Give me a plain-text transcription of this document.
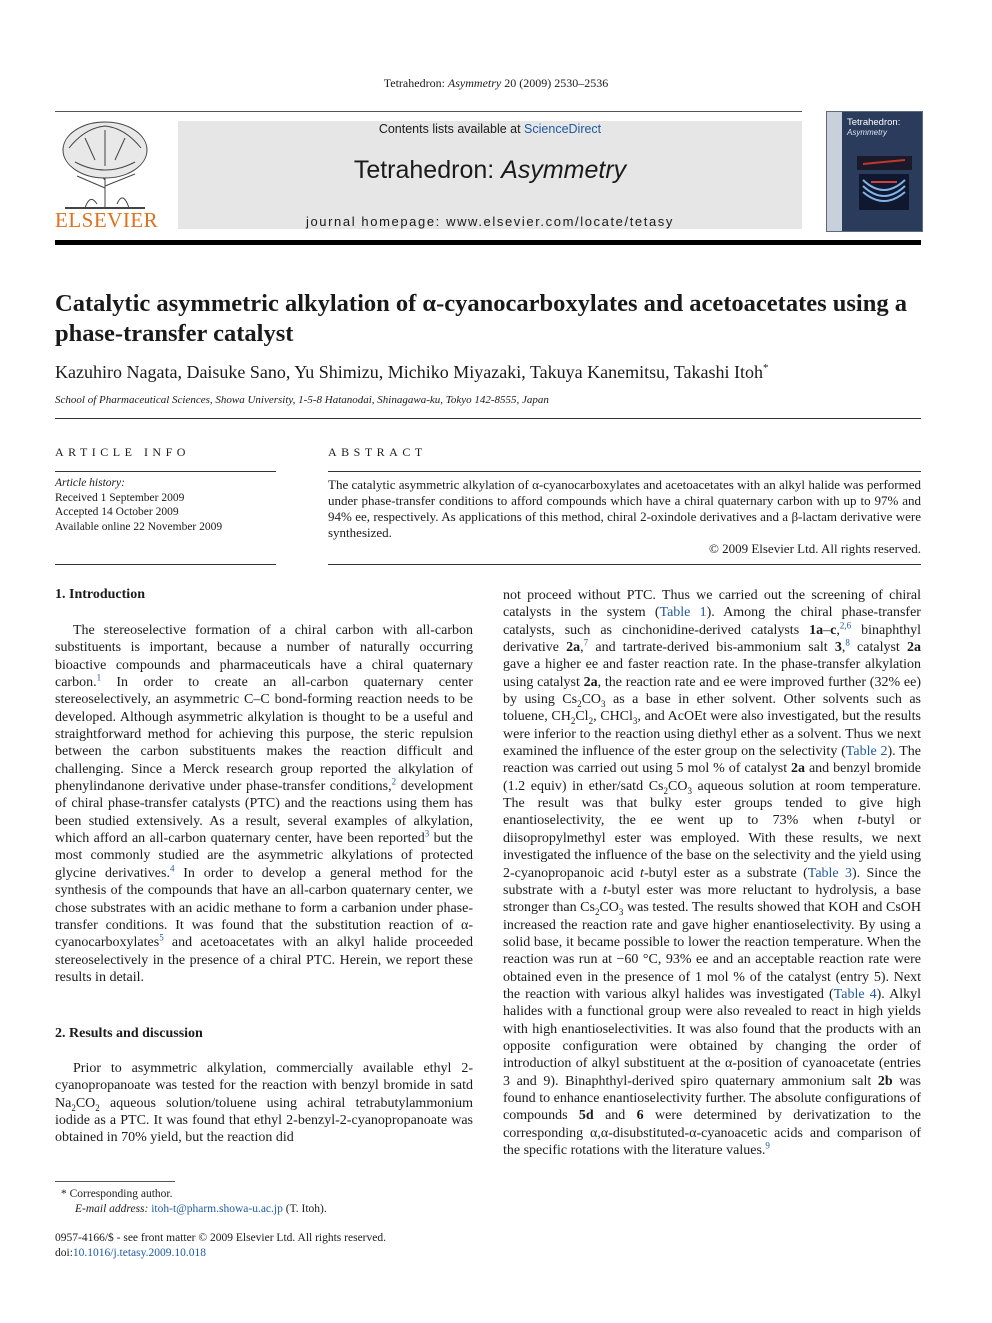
Tetrahedron: Asymmetry 20 (2009) 2530–2536
ELSEVIER
Contents lists available at ScienceDirect
Tetrahedron: Asymmetry
journal homepage: www.elsevier.com/locate/tetasy
Tetrahedron:
Asymmetry
Catalytic asymmetric alkylation of α-cyanocarboxylates and acetoacetates using a phase-transfer catalyst
Kazuhiro Nagata, Daisuke Sano, Yu Shimizu, Michiko Miyazaki, Takuya Kanemitsu, Takashi Itoh*
School of Pharmaceutical Sciences, Showa University, 1-5-8 Hatanodai, Shinagawa-ku, Tokyo 142-8555, Japan
ARTICLE INFO
Article history:
Received 1 September 2009
Accepted 14 October 2009
Available online 22 November 2009
ABSTRACT
The catalytic asymmetric alkylation of α-cyanocarboxylates and acetoacetates with an alkyl halide was performed under phase-transfer conditions to afford compounds which have a chiral quaternary carbon with up to 97% and 94% ee, respectively. As applications of this method, chiral 2-oxindole derivatives and a β-lactam derivative were synthesized.
© 2009 Elsevier Ltd. All rights reserved.
1. Introduction

The stereoselective formation of a chiral carbon with all-carbon substituents is important, because a number of naturally occurring bioactive compounds and pharmaceuticals have a chiral quaternary carbon.$^1$ In order to create an all-carbon quaternary center stereoselectively, an asymmetric C–C bond-forming reaction needs to be developed. Although asymmetric alkylation is thought to be a useful and straightforward method for achieving this purpose, the steric repulsion between the carbon substituents makes the reaction difficult and challenging. Since a Merck research group reported the alkylation of phenylindanone derivative under phase-transfer conditions,$^2$ development of chiral phase-transfer catalysts (PTC) and the reactions using them has been studied extensively. As a result, several examples of alkylation, which afford an all-carbon quaternary center, have been reported$^3$ but the most commonly studied are the asymmetric alkylations of protected glycine derivatives.$^4$ In order to develop a general method for the synthesis of the compounds that have an all-carbon quaternary center, we chose substrates with an acidic methane to form a carbanion under phase-transfer conditions. It was found that the substitution reaction of α-cyanocarboxylates$^5$ and acetoacetates with an alkyl halide proceeded stereoselectively in the presence of a chiral PTC. Herein, we report these results in detail.

2. Results and discussion

Prior to asymmetric alkylation, commercially available ethyl 2-cyanopropanoate was tested for the reaction with benzyl bromide in satd $Na_2CO_2$ aqueous solution/toluene using achiral tetrabutylammonium iodide as a PTC. It was found that ethyl 2-benzyl-2-cyanopropanoate was obtained in 70% yield, but the reaction did

* Corresponding author.
E-mail address: itoh-t@pharm.showa-u.ac.jp (T. Itoh).
0957-4166/$ - see front matter © 2009 Elsevier Ltd. All rights reserved.
doi:10.1016/j.tetasy.2009.10.018

not proceed without PTC. Thus we carried out the screening of chiral catalysts in the system (Table 1). Among the chiral phase-transfer catalysts, such as cinchonidine-derived catalysts 1a–c,$^{2,6}$ binaphthyl derivative 2a,$^7$ and tartrate-derived bis-ammonium salt 3,$^8$ catalyst 2a gave a higher ee and faster reaction rate. In the phase-transfer alkylation using catalyst 2a, the reaction rate and ee were improved further (32% ee) by using $Cs_2CO_3$ as a base in ether solvent. Other solvents such as toluene, $CH_2Cl_2$, CHCl$_3$, and AcOEt were also investigated, but the results were inferior to the reaction using diethyl ether as a solvent. Thus we next examined the influence of the ester group on the selectivity (Table 2). The reaction was carried out using 5 mol % of catalyst 2a and benzyl bromide (1.2 equiv) in ether/satd $Cs_2CO_3$ aqueous solution at room temperature. The result was that bulky ester groups tended to give high enantioselectivity, the ee went up to 73% when t-butyl or diisopropylmethyl ester was employed. With these results, we next investigated the influence of the base on the selectivity and the yield using 2-cyanopropanoic acid t-butyl ester as a substrate (Table 3). Since the substrate with a t-butyl ester was more reluctant to hydrolysis, a base stronger than $Cs_2CO_3$ was tested. The results showed that KOH and CsOH increased the reaction rate and gave higher enantioselectivity. By using a solid base, it became possible to lower the reaction temperature. When the reaction was run at −60 °C, 93% ee and an acceptable reaction rate were obtained even in the presence of 1 mol % of the catalyst (entry 5). Next the reaction with various alkyl halides was investigated (Table 4). Alkyl halides with a functional group were also revealed to react in high yields with high enantioselectivities. It was also found that the products with an opposite configuration were obtained by changing the order of introduction of alkyl substituent at the α-position of cyanoacetate (entries 3 and 9). Binaphthyl-derived spiro quaternary ammonium salt 2b was found to enhance enantioselectivity further. The absolute configurations of compounds 5d and 6 were determined by derivatization to the corresponding α,α-disubstituted-α-cyanoacetic acids and comparison of the specific rotations with the literature values.$^9$
